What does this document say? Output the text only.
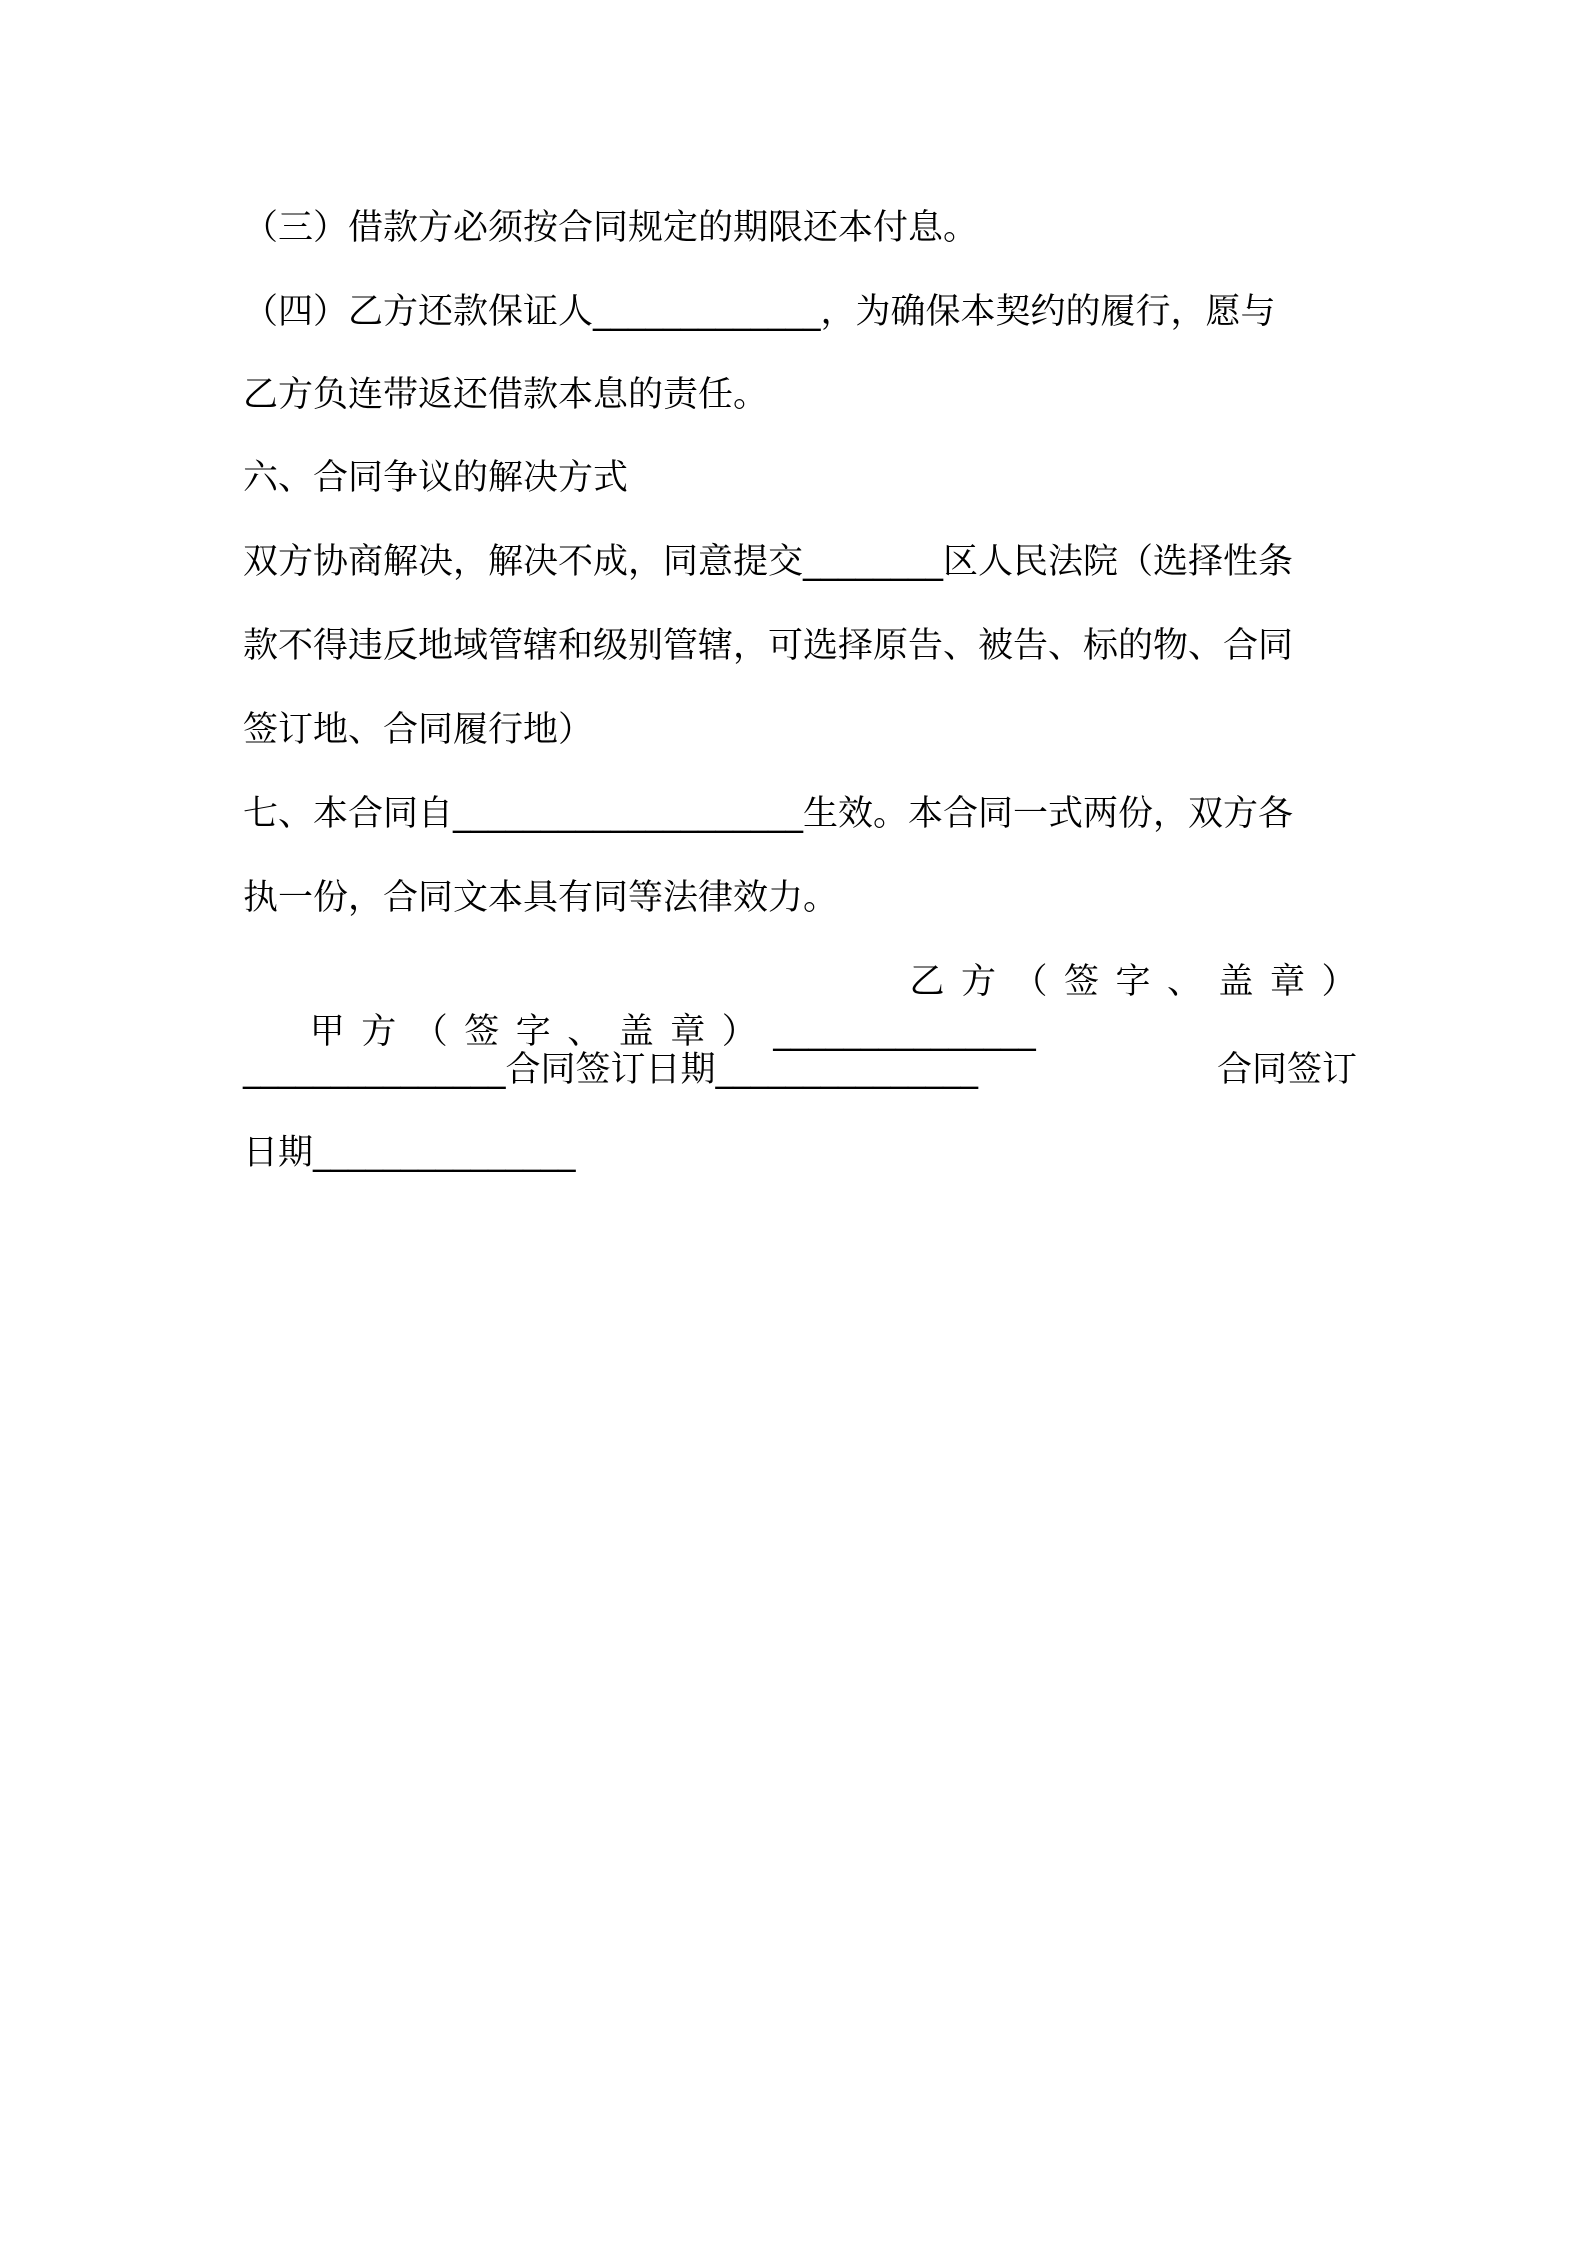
（三）借款方必须按合同规定的期限还本付息。
（四）乙方还款保证人_____________，为确保本契约的履行，愿与
乙方负连带返还借款本息的责任。
六、合同争议的解决方式
双方协商解决，解决不成，同意提交________区人民法院（选择性条
款不得违反地域管辖和级别管辖，可选择原告、被告、标的物、合同
签订地、合同履行地）
七、本合同自____________________生效。本合同一式两份，双方各
执一份，合同文本具有同等法律效力。

甲方（签字、盖章）_______________

乙方（签字、盖章）

_______________合同签订日期_______________

	合同签订

日期_______________
